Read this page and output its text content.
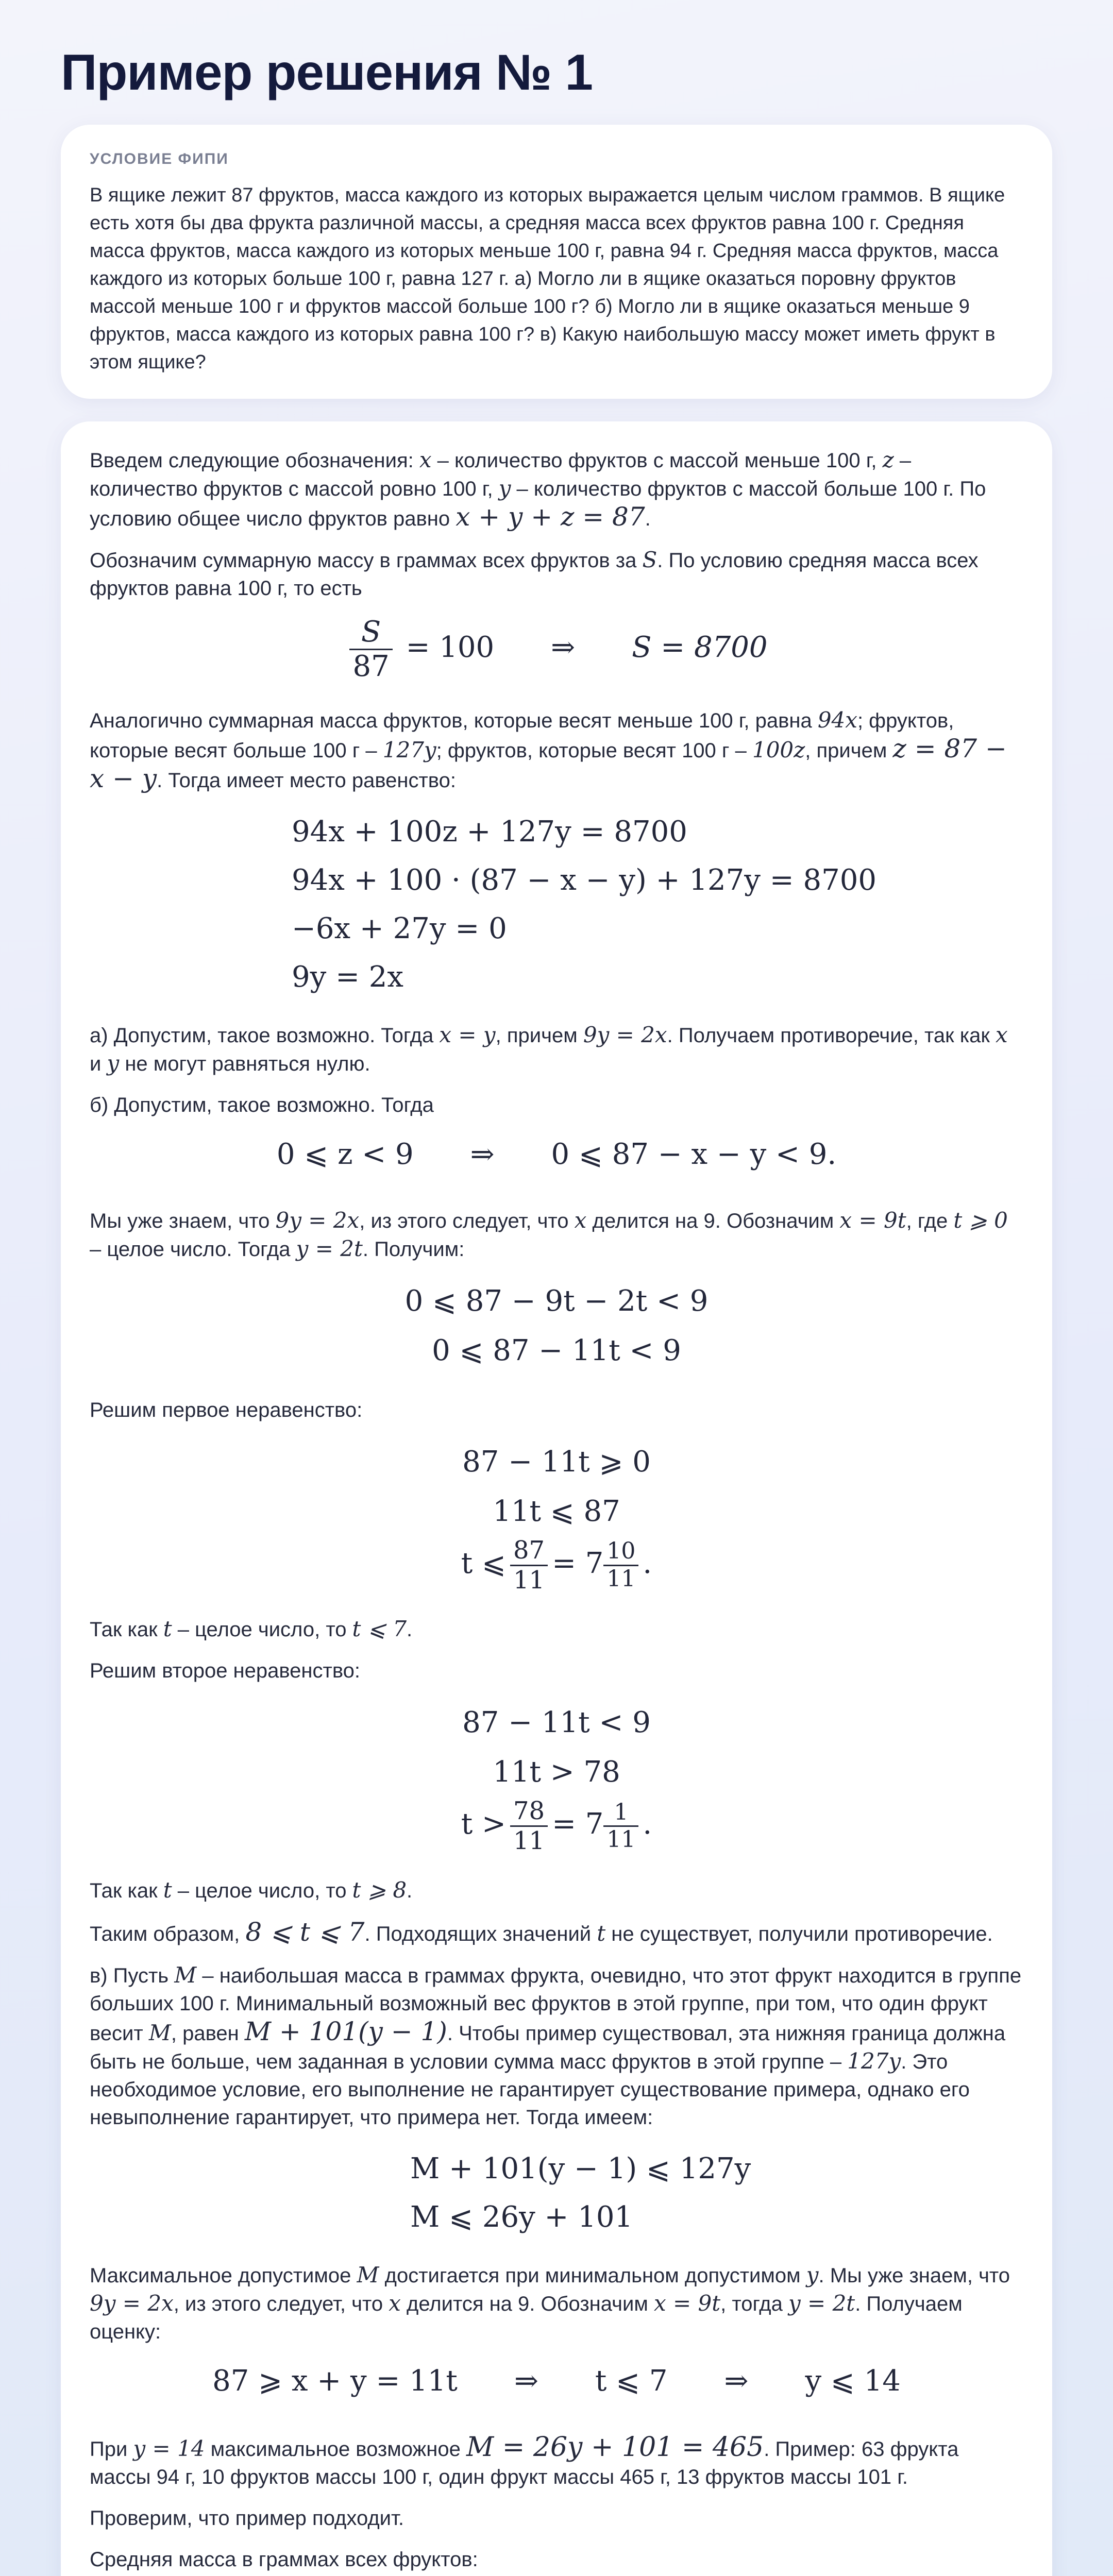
Пример решения № 1
УСЛОВИЕ ФИПИ
В ящике лежит 87 фруктов, масса каждого из которых выражается целым числом граммов. В ящике есть хотя бы два фрукта различной массы, а средняя масса всех фруктов равна 100 г. Средняя масса фруктов, масса каждого из которых меньше 100 г, равна 94 г. Средняя масса фруктов, масса каждого из которых больше 100 г, равна 127 г. а) Могло ли в ящике оказаться поровну фруктов массой меньше 100 г и фруктов массой больше 100 г? б) Могло ли в ящике оказаться меньше 9 фруктов, масса каждого из которых равна 100 г? в) Какую наибольшую массу может иметь фрукт в этом ящике?

Введем следующие обозначения: x – количество фруктов с массой меньше 100 г, z – количество фруктов с массой ровно 100 г, y – количество фруктов с массой больше 100 г. По условию общее число фруктов равно x + y + z = 87.

Обозначим суммарную массу в граммах всех фруктов за S. По условию средняя масса всех фруктов равна 100 г, то есть

$\frac{S}{87} = 100$ ⇒ S = 8700

Аналогично суммарная масса фруктов, которые весят меньше 100 г, равна 94x; фруктов, которые весят больше 100 г – 127y; фруктов, которые весят 100 г – 100z, причем z = 87 − x − y. Тогда имеет место равенство:

94x + 100z + 127y = 8700
94x + 100 · (87 − x − y) + 127y = 8700
−6x + 27y = 0
9y = 2x

а) Допустим, такое возможно. Тогда x = y, причем 9y = 2x. Получаем противоречие, так как x и y не могут равняться нулю.

б) Допустим, такое возможно. Тогда

0 ⩽ z < 9 ⇒ 0 ⩽ 87 − x − y < 9.

Мы уже знаем, что 9y = 2x, из этого следует, что x делится на 9. Обозначим x = 9t, где t ⩾ 0 – целое число. Тогда y = 2t. Получим:

0 ⩽ 87 − 9t − 2t < 9
0 ⩽ 87 − 11t < 9

Решим первое неравенство:

87 − 11t ⩾ 0
11t ⩽ 87
t ⩽ $\frac{87}{11} = 7 \frac{10}{11}$ .

Так как t – целое число, то t ⩽ 7.

Решим второе неравенство:

87 − 11t < 9
11t > 78
$t > \frac{78}{11} = 7 \frac{1}{11}$ .

Так как t – целое число, то t ⩾ 8.

Таким образом, 8 ⩽ t ⩽ 7. Подходящих значений t не существует, получили противоречие.

в) Пусть M – наибольшая масса в граммах фрукта, очевидно, что этот фрукт находится в группе больших 100 г. Минимальный возможный вес фруктов в этой группе, при том, что один фрукт весит M, равен M + 101(y − 1). Чтобы пример существовал, эта нижняя граница должна быть не больше, чем заданная в условии сумма масс фруктов в этой группе – 127y. Это необходимое условие, его выполнение не гарантирует существование примера, однако его невыполнение гарантирует, что примера нет. Тогда имеем:

M + 101(y − 1) ⩽ 127y
M ⩽ 26y + 101

Максимальное допустимое M достигается при минимальном допустимом y. Мы уже знаем, что 9y = 2x, из этого следует, что x делится на 9. Обозначим x = 9t, тогда y = 2t. Получаем оценку:

87 ⩾ x + y = 11t ⇒ t ⩽ 7 ⇒ y ⩽ 14

При y = 14 максимальное возможное M = 26y + 101 = 465. Пример: 63 фрукта массы 94 г, 10 фруктов массы 100 г, один фрукт массы 465 г, 13 фруктов массы 101 г.

Проверим, что пример подходит.

Средняя масса в граммах всех фруктов:
